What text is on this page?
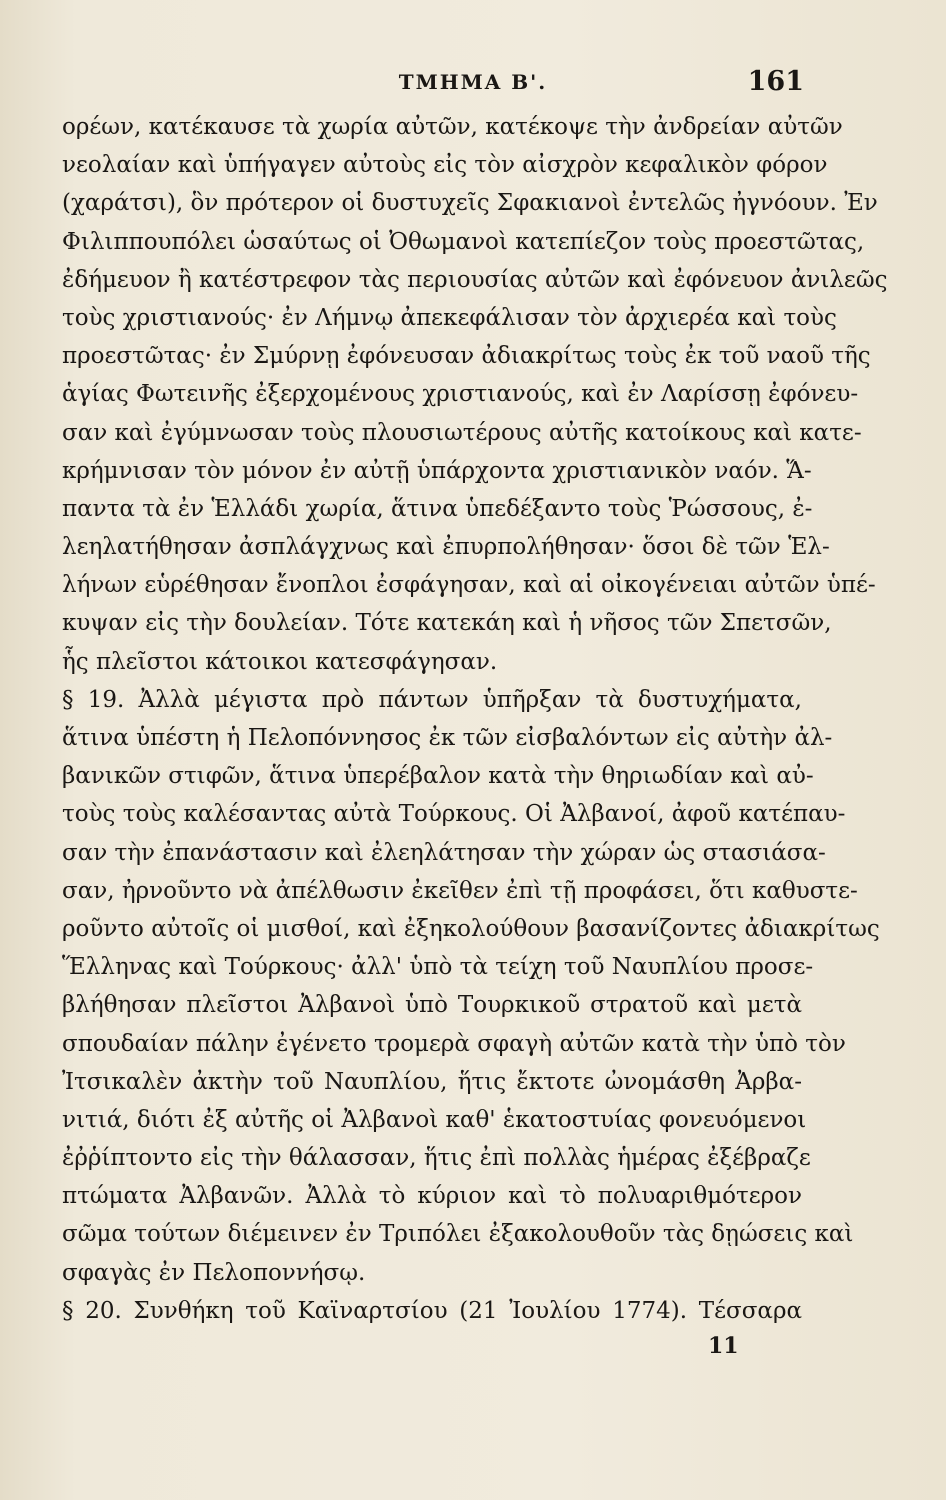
ΤΜΗΜΑ Β'.	161
ορέων, κατέκαυσε τὰ χωρία αὐτῶν, κατέκοψε τὴν ἀνδρείαν αὐτῶν
νεολαίαν καὶ ὑπήγαγεν αὐτοὺς εἰς τὸν αἰσχρὸν κεφαλικὸν φόρον
(χαράτσι), ὃν πρότερον οἱ δυστυχεῖς Σφακιανοὶ ἐντελῶς ἠγνόουν. Ἐν
Φιλιππουπόλει ὡσαύτως οἱ Ὀθωμανοὶ κατεπίεζον τοὺς προεστῶτας,
ἐδήμευον ἢ κατέστρεφον τὰς περιουσίας αὐτῶν καὶ ἐφόνευον ἀνιλεῶς
τοὺς χριστιανούς· ἐν Λήμνῳ ἀπεκεφάλισαν τὸν ἀρχιερέα καὶ τοὺς
προεστῶτας· ἐν Σμύρνῃ ἐφόνευσαν ἀδιακρίτως τοὺς ἐκ τοῦ ναοῦ τῆς
ἁγίας Φωτεινῆς ἐξερχομένους χριστιανούς, καὶ ἐν Λαρίσσῃ ἐφόνευ-
σαν καὶ ἐγύμνωσαν τοὺς πλουσιωτέρους αὐτῆς κατοίκους καὶ κατε-
κρήμνισαν τὸν μόνον ἐν αὐτῇ ὑπάρχοντα χριστιανικὸν ναόν. Ἅ-
παντα τὰ ἐν Ἑλλάδι χωρία, ἅτινα ὑπεδέξαντο τοὺς Ῥώσσους, ἐ-
λεηλατήθησαν ἀσπλάγχνως καὶ ἐπυρπολήθησαν· ὅσοι δὲ τῶν Ἑλ-
λήνων εὑρέθησαν ἔνοπλοι ἐσφάγησαν, καὶ αἱ οἰκογένειαι αὐτῶν ὑπέ-
κυψαν εἰς τὴν δουλείαν. Τότε κατεκάη καὶ ἡ νῆσος τῶν Σπετσῶν,
ἧς πλεῖστοι κάτοικοι κατεσφάγησαν.
§ 19. Ἀλλὰ μέγιστα πρὸ πάντων ὑπῆρξαν τὰ δυστυχήματα,
ἅτινα ὑπέστη ἡ Πελοπόννησος ἐκ τῶν εἰσβαλόντων εἰς αὐτὴν ἀλ-
βανικῶν στιφῶν, ἅτινα ὑπερέβαλον κατὰ τὴν θηριωδίαν καὶ αὐ-
τοὺς τοὺς καλέσαντας αὐτὰ Τούρκους. Οἱ Ἀλβανοί, ἀφοῦ κατέπαυ-
σαν τὴν ἐπανάστασιν καὶ ἐλεηλάτησαν τὴν χώραν ὡς στασιάσα-
σαν, ἠρνοῦντο νὰ ἀπέλθωσιν ἐκεῖθεν ἐπὶ τῇ προφάσει, ὅτι καθυστε-
ροῦντο αὐτοῖς οἱ μισθοί, καὶ ἐξηκολούθουν βασανίζοντες ἀδιακρίτως
Ἕλληνας καὶ Τούρκους· ἀλλ' ὑπὸ τὰ τείχη τοῦ Ναυπλίου προσε-
βλήθησαν πλεῖστοι Ἀλβανοὶ ὑπὸ Τουρκικοῦ στρατοῦ καὶ μετὰ
σπουδαίαν πάλην ἐγένετο τρομερὰ σφαγὴ αὐτῶν κατὰ τὴν ὑπὸ τὸν
Ἰτσικαλὲν ἀκτὴν τοῦ Ναυπλίου, ἥτις ἔκτοτε ὠνομάσθη Ἀρβα-
νιτιά, διότι ἐξ αὐτῆς οἱ Ἀλβανοὶ καθ' ἑκατοστυίας φονευόμενοι
ἐῤῥίπτοντο εἰς τὴν θάλασσαν, ἥτις ἐπὶ πολλὰς ἡμέρας ἐξέβραζε
πτώματα Ἀλβανῶν. Ἀλλὰ τὸ κύριον καὶ τὸ πολυαριθμότερον
σῶμα τούτων διέμεινεν ἐν Τριπόλει ἐξακολουθοῦν τὰς δῃώσεις καὶ
σφαγὰς ἐν Πελοποννήσῳ.
§ 20. Συνθήκη τοῦ Καϊναρτσίου (21 Ἰουλίου 1774). Τέσσαρα
11
